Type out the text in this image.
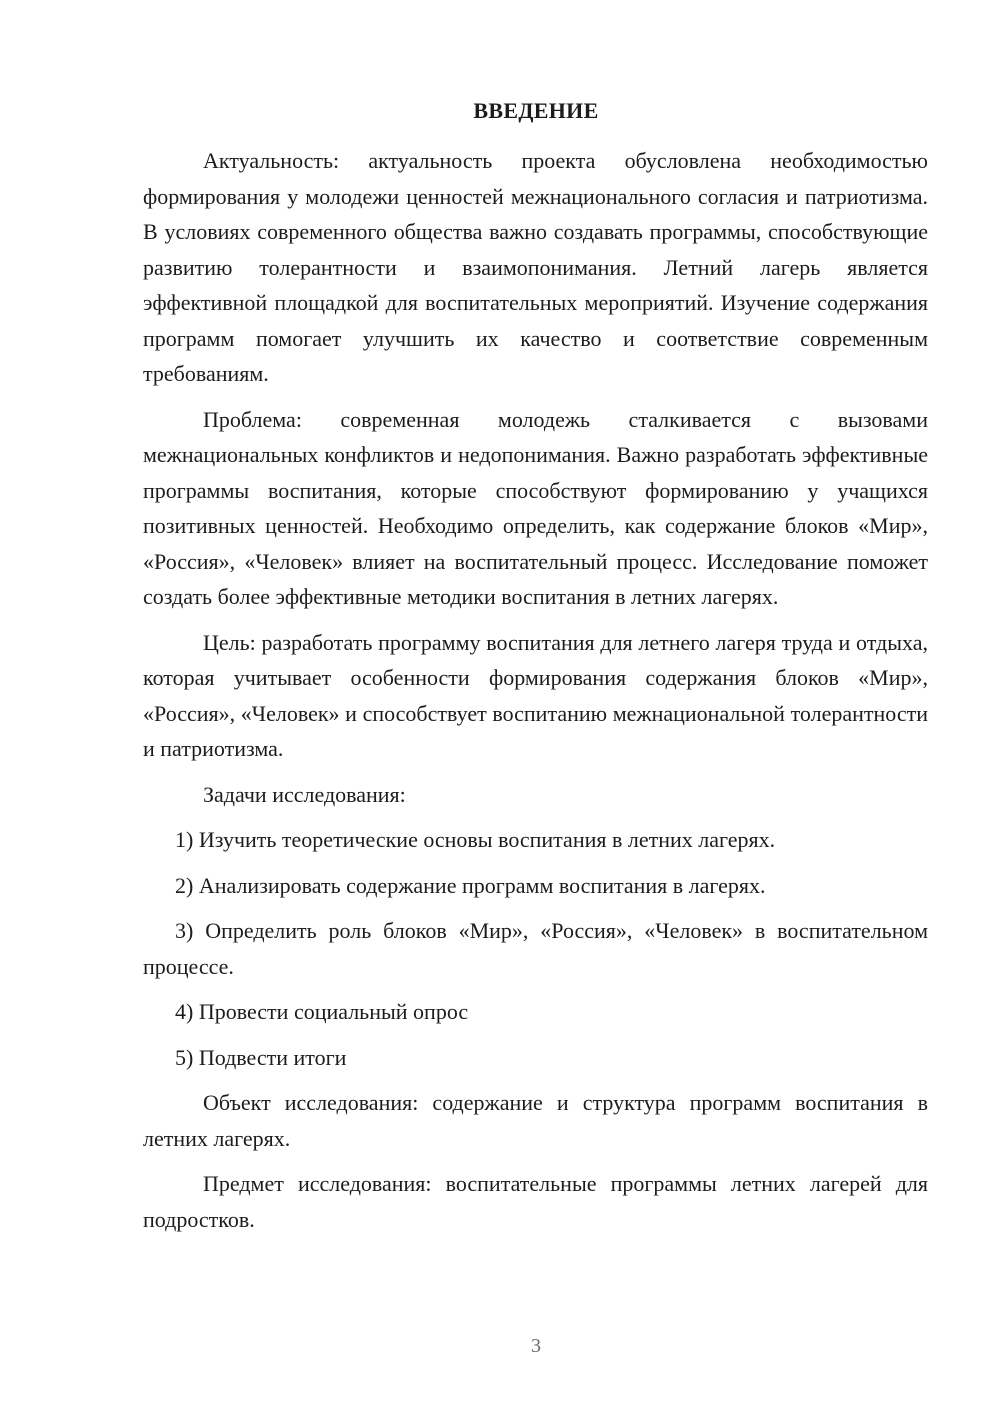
ВВЕДЕНИЕ

Актуальность: актуальность проекта обусловлена необходимостью формирования у молодежи ценностей межнационального согласия и патриотизма. В условиях современного общества важно создавать программы, способствующие развитию толерантности и взаимопонимания. Летний лагерь является эффективной площадкой для воспитательных мероприятий. Изучение содержания программ помогает улучшить их качество и соответствие современным требованиям.

Проблема: современная молодежь сталкивается с вызовами межнациональных конфликтов и недопонимания. Важно разработать эффективные программы воспитания, которые способствуют формированию у учащихся позитивных ценностей. Необходимо определить, как содержание блоков «Мир», «Россия», «Человек» влияет на воспитательный процесс. Исследование поможет создать более эффективные методики воспитания в летних лагерях.

Цель: разработать программу воспитания для летнего лагеря труда и отдыха, которая учитывает особенности формирования содержания блоков «Мир», «Россия», «Человек» и способствует воспитанию межнациональной толерантности и патриотизма.

Задачи исследования:

1) Изучить теоретические основы воспитания в летних лагерях.

2) Анализировать содержание программ воспитания в лагерях.

3) Определить роль блоков «Мир», «Россия», «Человек» в воспитательном процессе.

4) Провести социальный опрос

5) Подвести итоги

Объект исследования: содержание и структура программ воспитания в летних лагерях.

Предмет исследования: воспитательные программы летних лагерей для подростков.

3
